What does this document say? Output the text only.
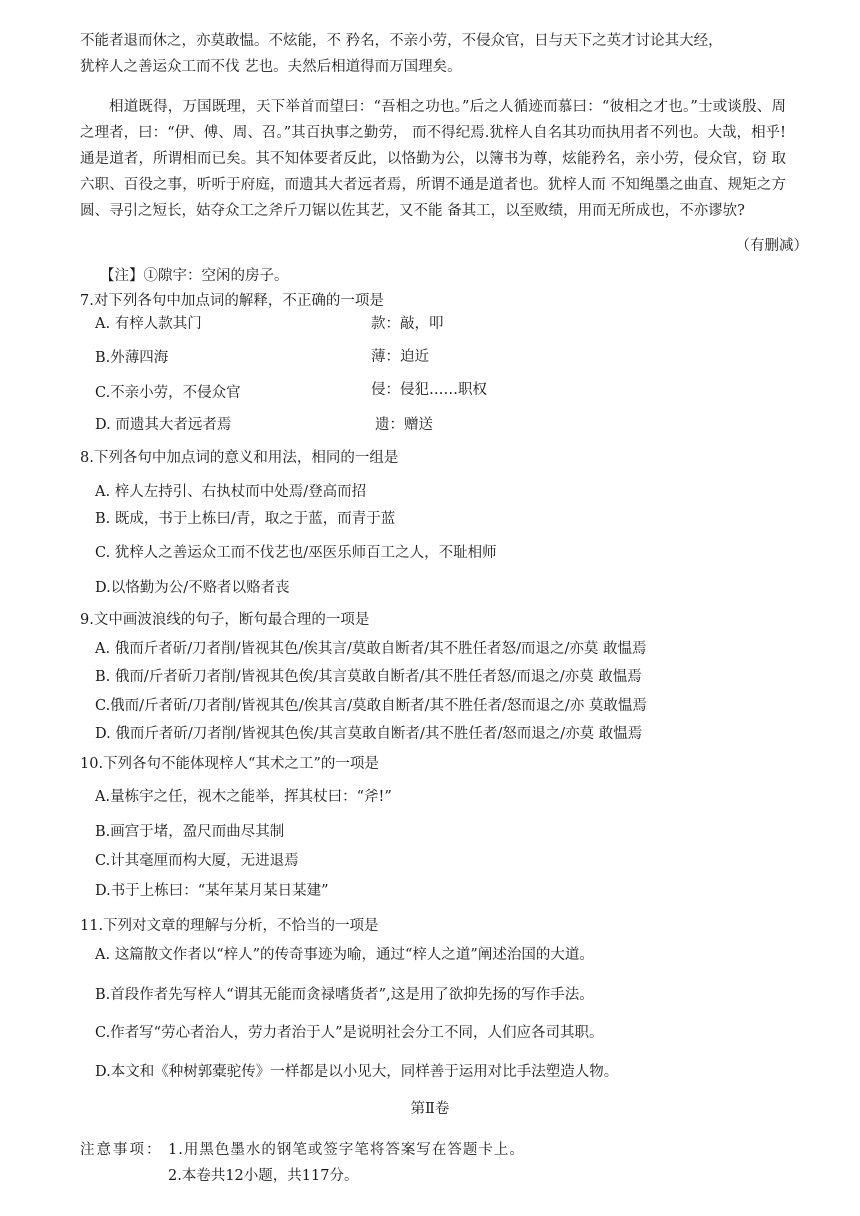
不能者退而休之，亦莫敢愠。不炫能，不 矜名，不亲小劳，不侵众官，日与天下之英才讨论其大经，
犹梓人之善运众工而不伐 艺也。夫然后相道得而万国理矣。
相道既得，万国既理，天下举首而望曰：“吾相之功也。”后之人循迹而慕曰：“彼相之才也。”士或谈殷、周之理者，曰：“伊、傅、周、召。”其百执事之勤劳， 而不得纪焉.犹梓人自名其功而执用者不列也。大哉，相乎!通是道者，所谓相而已矣。其不知体要者反此，以恪勤为公，以簿书为尊，炫能矜名，亲小劳，侵众官，窃 取六职、百役之事，听听于府庭，而遗其大者远者焉，所谓不通是道者也。犹梓人而 不知绳墨之曲直、规矩之方圆、寻引之短长，姑夺众工之斧斤刀锯以佐其艺，又不能 备其工，以至败绩，用而无所成也，不亦谬欤?
（有删减）
【注】①隙宇：空闲的房子。
7.对下列各句中加点词的解释，不正确的一项是
A. 有梓人款其门	款：敲，叩
B.外薄四海	薄：迫近
C.不亲小劳，不侵众官	侵：侵犯……职权
D. 而遗其大者远者焉	遗：赠送
8.下列各句中加点词的意义和用法，相同的一组是
A. 梓人左持引、右执杖而中处焉/登高而招
B. 既成，书于上栋曰/青，取之于蓝，而青于蓝
C. 犹梓人之善运众工而不伐艺也/巫医乐师百工之人，不耻相师
D.以恪勤为公/不赂者以赂者丧
9.文中画波浪线的句子，断句最合理的一项是
A. 俄而斤者斫/刀者削/皆视其色/俟其言/莫敢自断者/其不胜任者怒/而退之/亦莫 敢愠焉
B. 俄而/斤者斫刀者削/皆视其色俟/其言莫敢自断者/其不胜任者怒/而退之/亦莫 敢愠焉
C.俄而/斤者斫/刀者削/皆视其色/俟其言/莫敢自断者/其不胜任者/怒而退之/亦 莫敢愠焉
D. 俄而斤者斫/刀者削/皆视其色俟/其言莫敢自断者/其不胜任者/怒而退之/亦莫 敢愠焉
10.下列各句不能体现梓人“其术之工”的一项是
A.量栋宇之任，视木之能举，挥其杖曰：“斧!”
B.画宫于堵，盈尺而曲尽其制
C.计其毫厘而构大厦，无进退焉
D.书于上栋曰：“某年某月某日某建”
11.下列对文章的理解与分析，不恰当的一项是
A. 这篇散文作者以“梓人”的传奇事迹为喻，通过“梓人之道”阐述治国的大道。
B.首段作者先写梓人“谓其无能而贪禄嗜货者”,这是用了欲抑先扬的写作手法。
C.作者写“劳心者治人，劳力者治于人”是说明社会分工不同，人们应各司其职。
D.本文和《种树郭橐驼传》一样都是以小见大，同样善于运用对比手法塑造人物。
第Ⅱ卷
注意事项： 1.用黑色墨水的钢笔或签字笔将答案写在答题卡上。
2.本卷共12小题，共117分。
